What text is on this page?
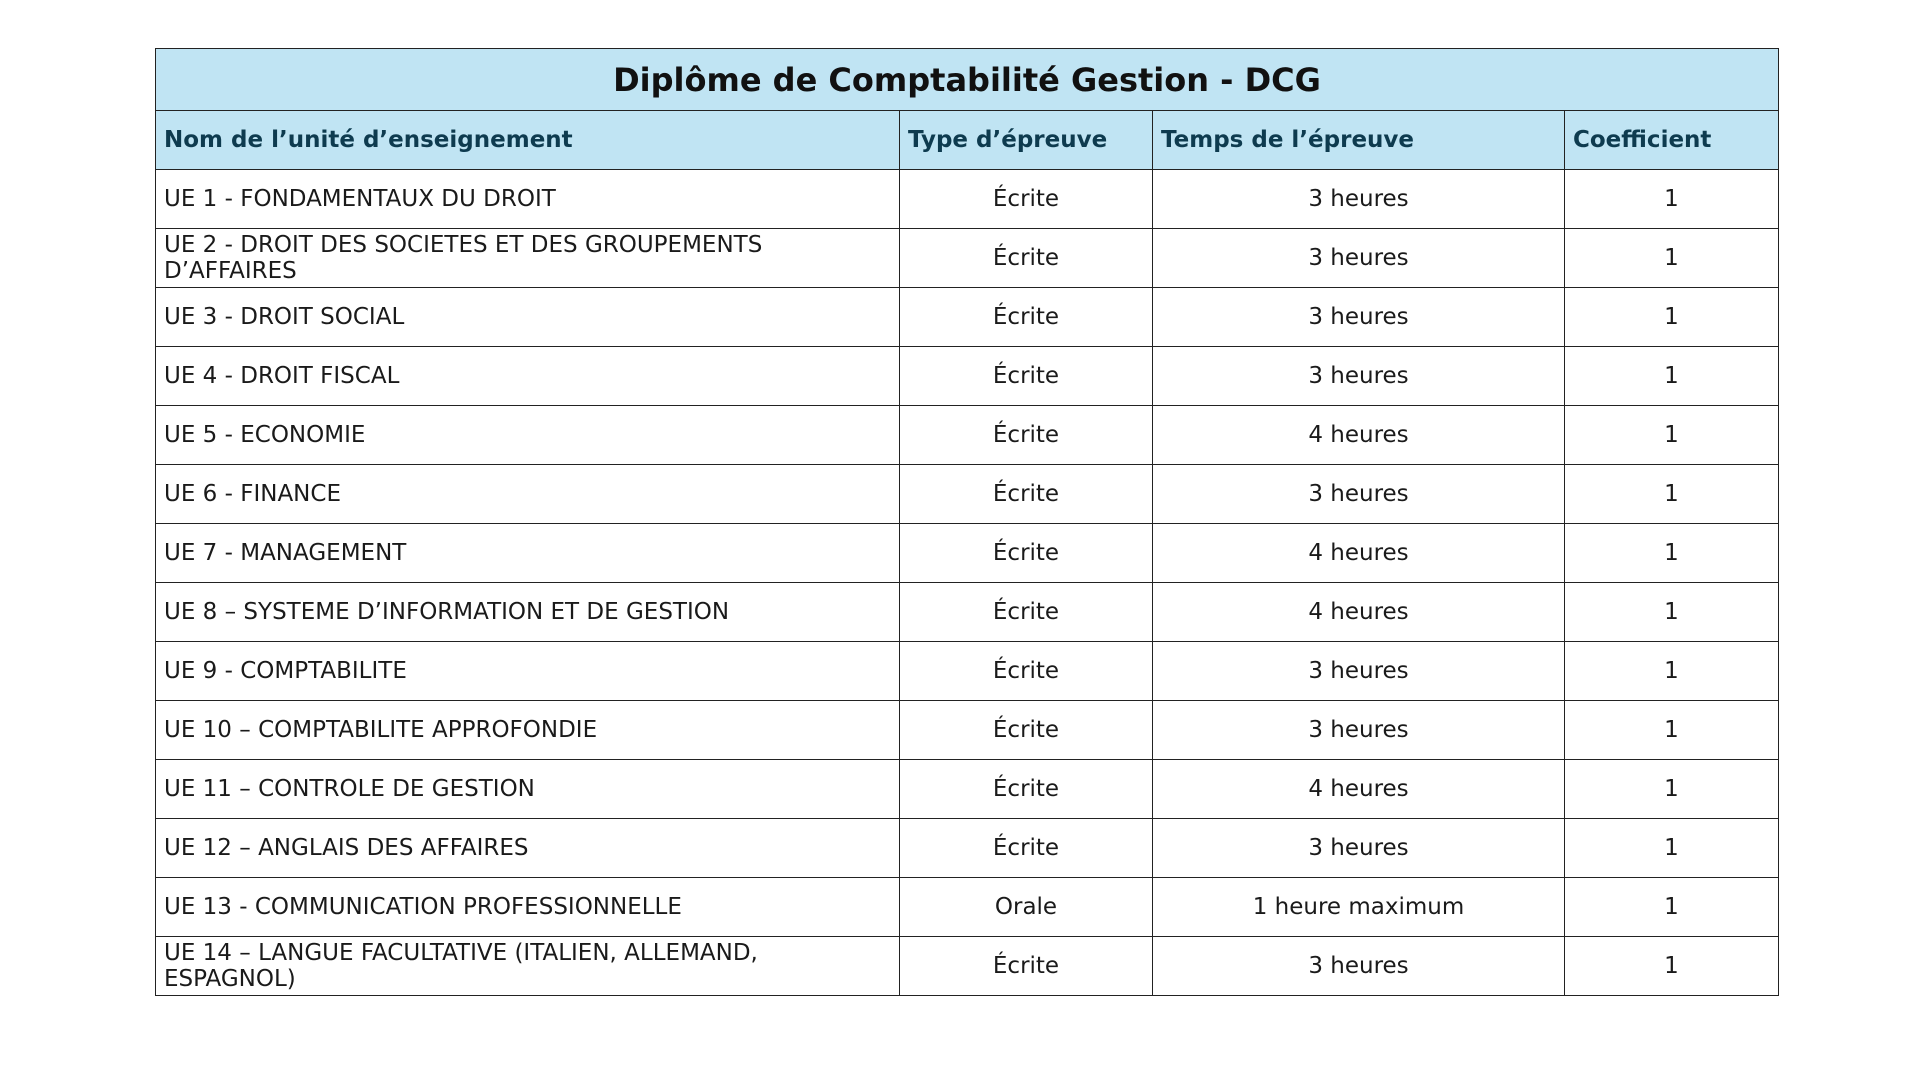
Diplôme de Comptabilité Gestion - DCG			
Nom de l’unité d’enseignement	Type d’épreuve	Temps de l’épreuve	Coefficient
UE 1 - FONDAMENTAUX DU DROIT	Écrite	3 heures	1
UE 2 - DROIT DES SOCIETES ET DES GROUPEMENTS D’AFFAIRES	Écrite	3 heures	1
UE 3 - DROIT SOCIAL	Écrite	3 heures	1
UE 4 - DROIT FISCAL	Écrite	3 heures	1
UE 5 - ECONOMIE	Écrite	4 heures	1
UE 6 - FINANCE	Écrite	3 heures	1
UE 7 - MANAGEMENT	Écrite	4 heures	1
UE 8 – SYSTEME D’INFORMATION ET DE GESTION	Écrite	4 heures	1
UE 9 - COMPTABILITE	Écrite	3 heures	1
UE 10 – COMPTABILITE APPROFONDIE	Écrite	3 heures	1
UE 11 – CONTROLE DE GESTION	Écrite	4 heures	1
UE 12 – ANGLAIS DES AFFAIRES	Écrite	3 heures	1
UE 13 - COMMUNICATION PROFESSIONNELLE	Orale	1 heure maximum	1
UE 14 – LANGUE FACULTATIVE (ITALIEN, ALLEMAND, ESPAGNOL)	Écrite	3 heures	1
